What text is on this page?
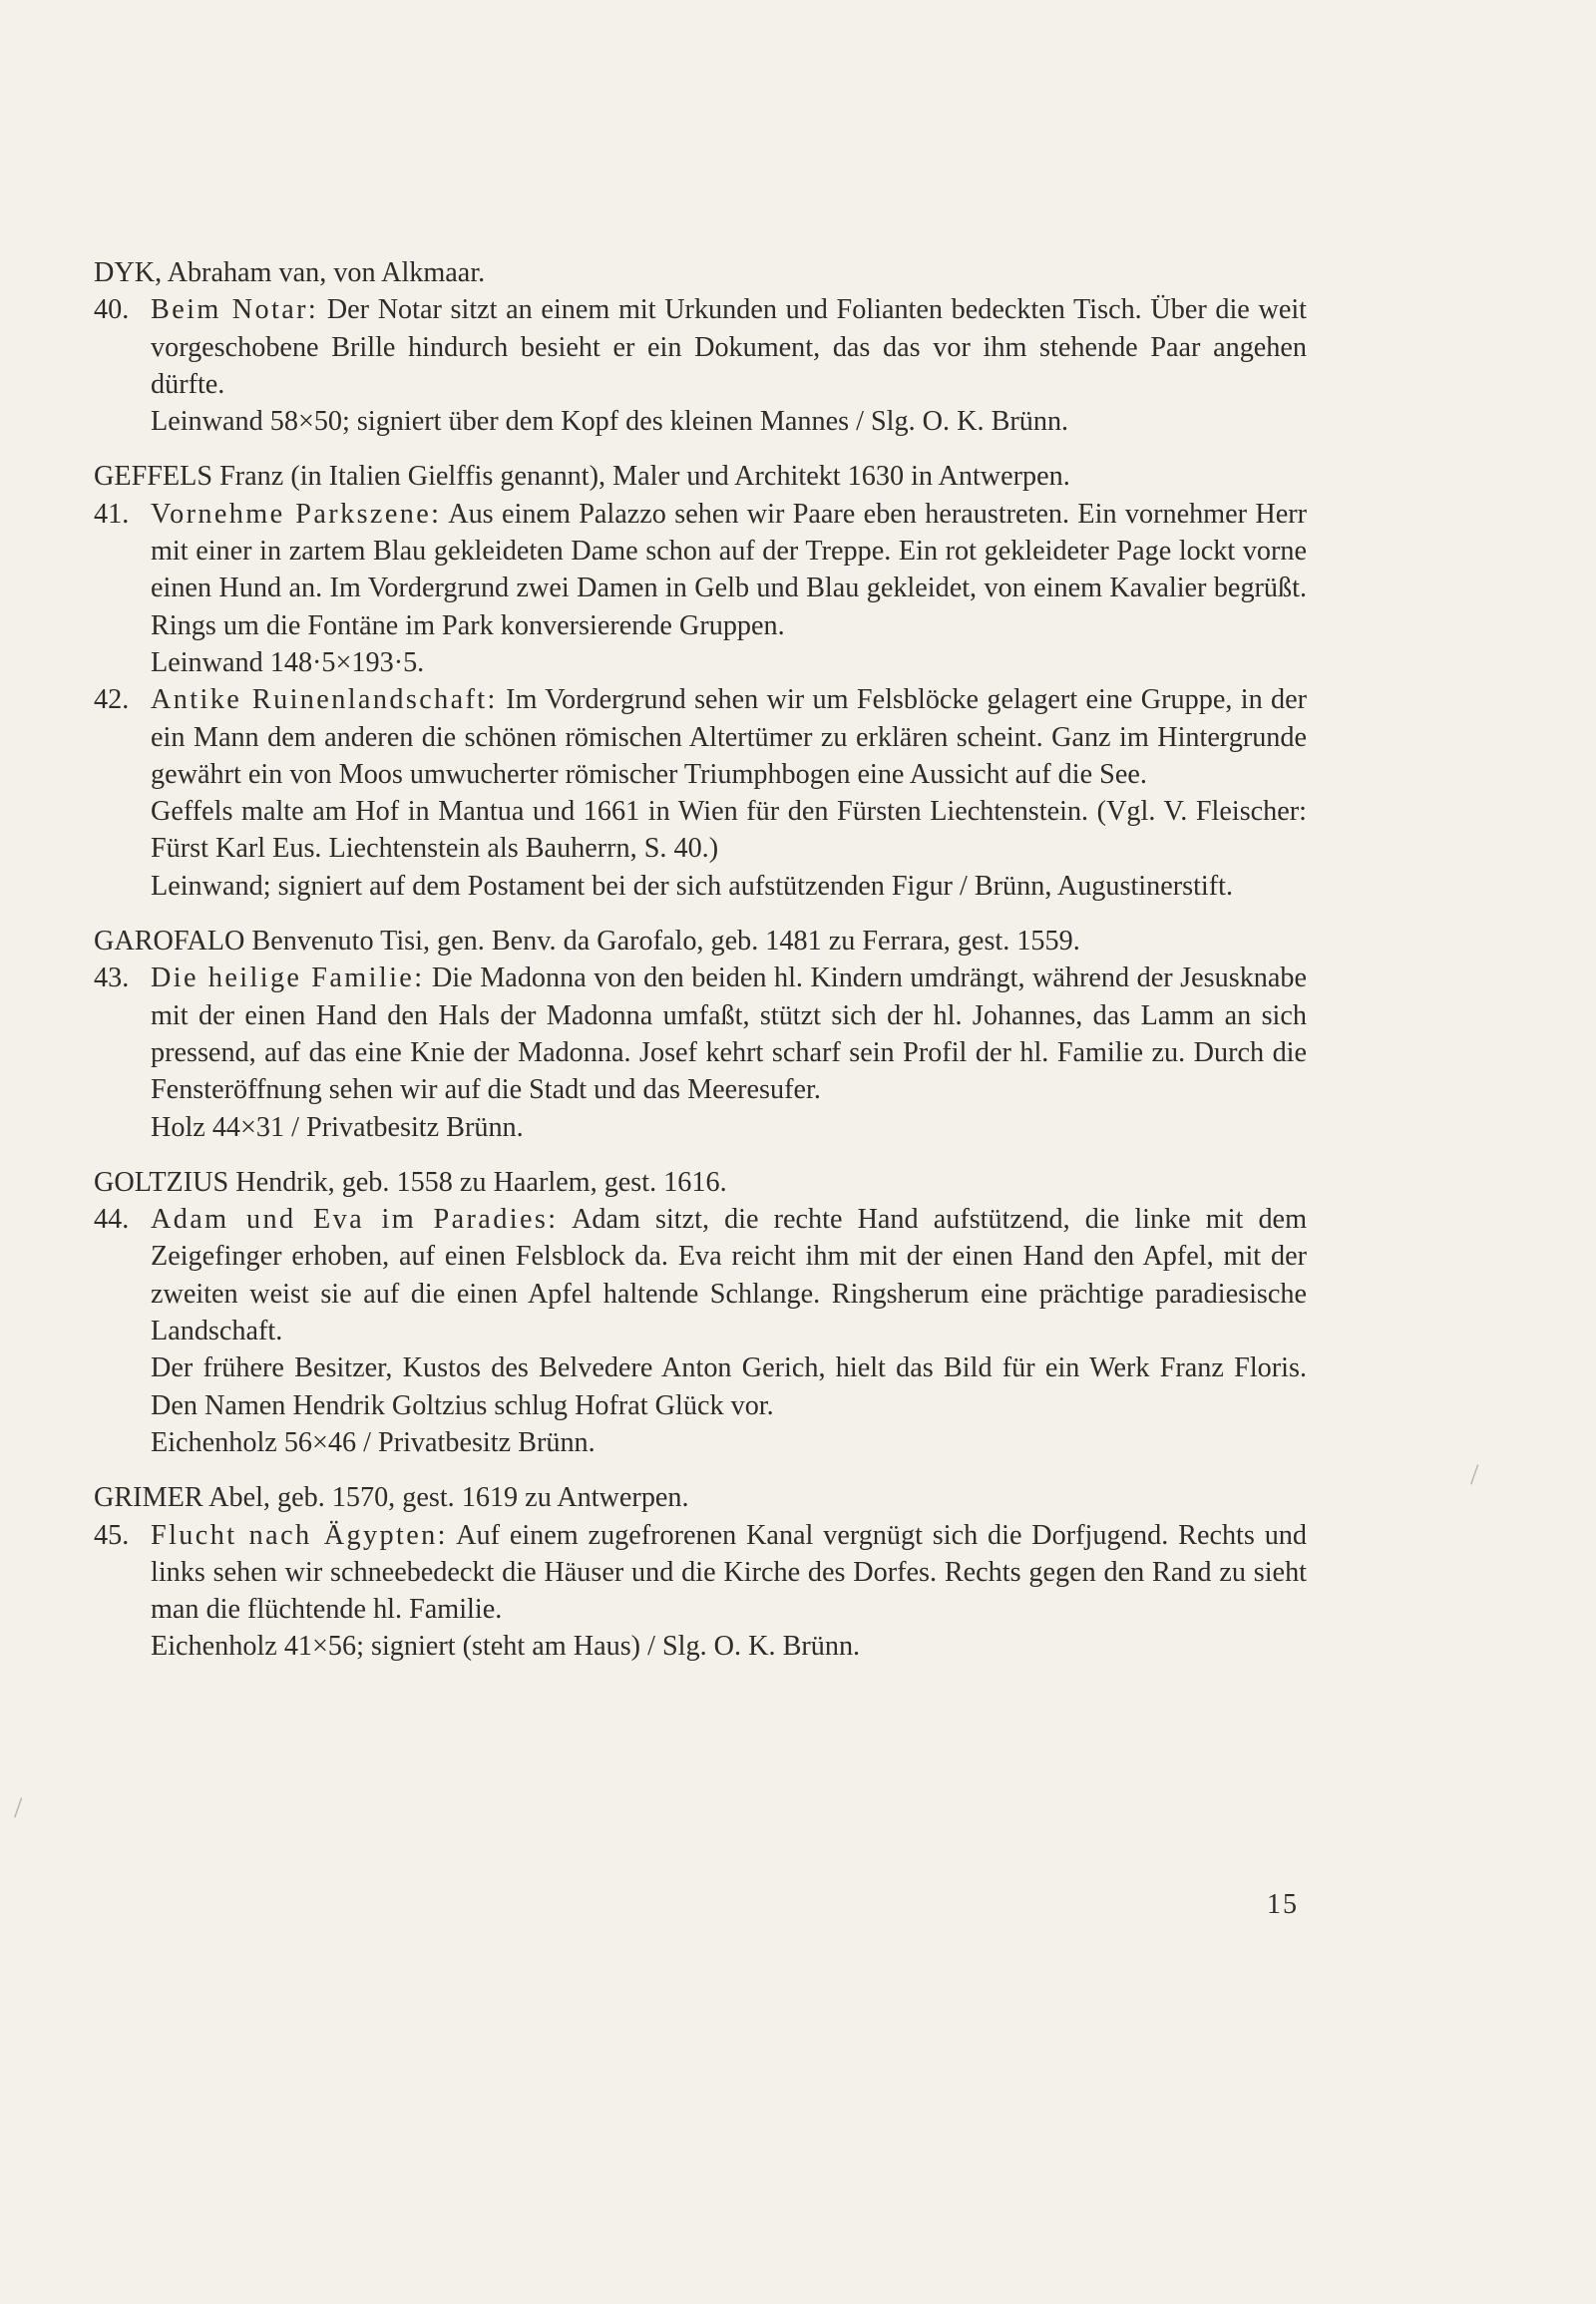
DYK, Abraham van, von Alkmaar.

40. Beim Notar: Der Notar sitzt an einem mit Urkunden und Folianten bedeckten Tisch. Über die weit vorgeschobene Brille hindurch besieht er ein Dokument, das das vor ihm stehende Paar angehen dürfte.

Leinwand 58×50; signiert über dem Kopf des kleinen Mannes / Slg. O. K. Brünn.

GEFFELS Franz (in Italien Gielffis genannt), Maler und Architekt 1630 in Antwerpen.

41. Vornehme Parkszene: Aus einem Palazzo sehen wir Paare eben heraustreten. Ein vornehmer Herr mit einer in zartem Blau gekleideten Dame schon auf der Treppe. Ein rot gekleideter Page lockt vorne einen Hund an. Im Vordergrund zwei Damen in Gelb und Blau gekleidet, von einem Kavalier begrüßt. Rings um die Fontäne im Park konversierende Gruppen.

Leinwand 148·5×193·5.

42. Antike Ruinenlandschaft: Im Vordergrund sehen wir um Felsblöcke gelagert eine Gruppe, in der ein Mann dem anderen die schönen römischen Altertümer zu erklären scheint. Ganz im Hintergrunde gewährt ein von Moos umwucherter römischer Triumphbogen eine Aussicht auf die See.

Geffels malte am Hof in Mantua und 1661 in Wien für den Fürsten Liechtenstein. (Vgl. V. Fleischer: Fürst Karl Eus. Liechtenstein als Bauherrn, S. 40.)

Leinwand; signiert auf dem Postament bei der sich aufstützenden Figur / Brünn, Augustinerstift.

GAROFALO Benvenuto Tisi, gen. Benv. da Garofalo, geb. 1481 zu Ferrara, gest. 1559.

43. Die heilige Familie: Die Madonna von den beiden hl. Kindern umdrängt, während der Jesusknabe mit der einen Hand den Hals der Madonna umfaßt, stützt sich der hl. Johannes, das Lamm an sich pressend, auf das eine Knie der Madonna. Josef kehrt scharf sein Profil der hl. Familie zu. Durch die Fensteröffnung sehen wir auf die Stadt und das Meeresufer.

Holz 44×31 / Privatbesitz Brünn.

GOLTZIUS Hendrik, geb. 1558 zu Haarlem, gest. 1616.

44. Adam und Eva im Paradies: Adam sitzt, die rechte Hand aufstützend, die linke mit dem Zeigefinger erhoben, auf einen Felsblock da. Eva reicht ihm mit der einen Hand den Apfel, mit der zweiten weist sie auf die einen Apfel haltende Schlange. Ringsherum eine prächtige paradiesische Landschaft.

Der frühere Besitzer, Kustos des Belvedere Anton Gerich, hielt das Bild für ein Werk Franz Floris. Den Namen Hendrik Goltzius schlug Hofrat Glück vor.

Eichenholz 56×46 / Privatbesitz Brünn.

GRIMER Abel, geb. 1570, gest. 1619 zu Antwerpen.

45. Flucht nach Ägypten: Auf einem zugefrorenen Kanal vergnügt sich die Dorfjugend. Rechts und links sehen wir schneebedeckt die Häuser und die Kirche des Dorfes. Rechts gegen den Rand zu sieht man die flüchtende hl. Familie.

Eichenholz 41×56; signiert (steht am Haus) / Slg. O. K. Brünn.

15
/
/
